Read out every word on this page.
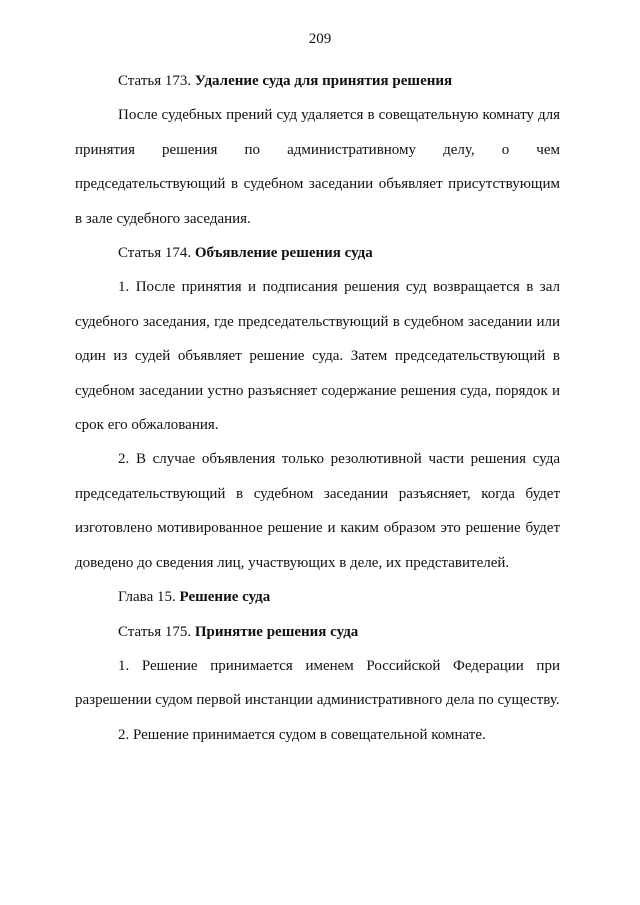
209

Статья 173. Удаление суда для принятия решения

После судебных прений суд удаляется в совещательную комнату для принятия решения по административному делу, о чем председательствующий в судебном заседании объявляет присутствующим в зале судебного заседания.

Статья 174. Объявление решения суда

1. После принятия и подписания решения суд возвращается в зал судебного заседания, где председательствующий в судебном заседании или один из судей объявляет решение суда. Затем председательствующий в судебном заседании устно разъясняет содержание решения суда, порядок и срок его обжалования.

2. В случае объявления только резолютивной части решения суда председательствующий в судебном заседании разъясняет, когда будет изготовлено мотивированное решение и каким образом это решение будет доведено до сведения лиц, участвующих в деле, их представителей.

Глава 15. Решение суда

Статья 175. Принятие решения суда

1. Решение принимается именем Российской Федерации при разрешении судом первой инстанции административного дела по существу.

2. Решение принимается судом в совещательной комнате.
